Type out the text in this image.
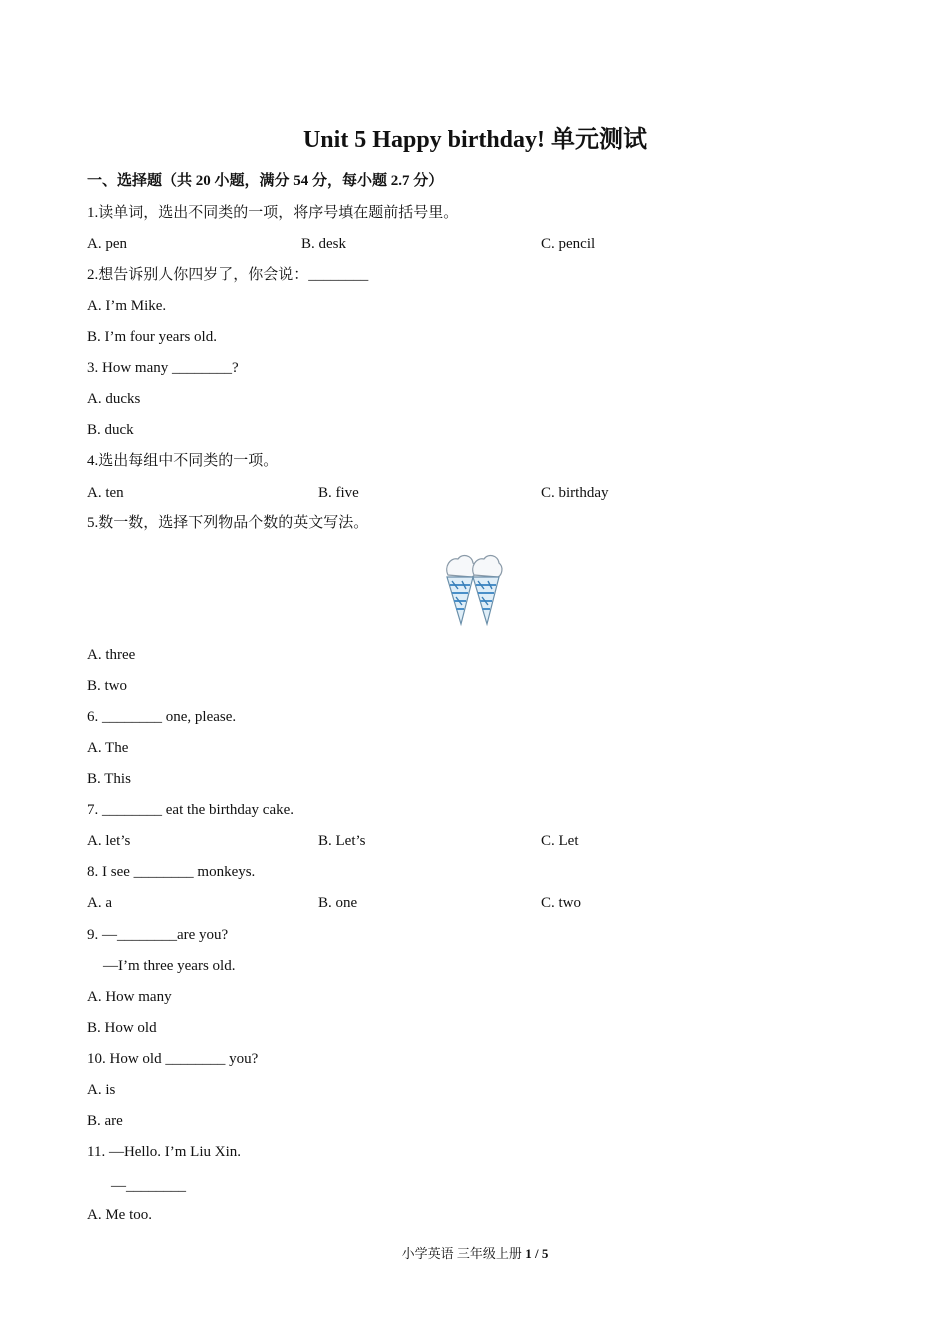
Unit 5 Happy birthday! 单元测试
一、选择题（共 20 小题，满分 54 分，每小题 2.7 分）
1.读单词，选出不同类的一项，将序号填在题前括号里。
A. pen	B. desk	C. pencil
2.想告诉别人你四岁了，你会说：________
A. I’m Mike.
B. I’m four years old.
3. How many ________?
A. ducks
B. duck
4.选出每组中不同类的一项。
A. ten	B. five	C. birthday
5.数一数，选择下列物品个数的英文写法。
A. three
B. two
6. ________ one, please.
A. The
B. This
7. ________ eat the birthday cake.
A. let’s	B. Let’s	C. Let
8. I see ________ monkeys.
A. a	B. one	C. two
9. —________are you?
—I’m three years old.
A. How many
B. How old
10. How old ________ you?
A. is
B. are
11. —Hello. I’m Liu Xin.
—________
A. Me too.
小学英语 三年级上册 1 / 5
